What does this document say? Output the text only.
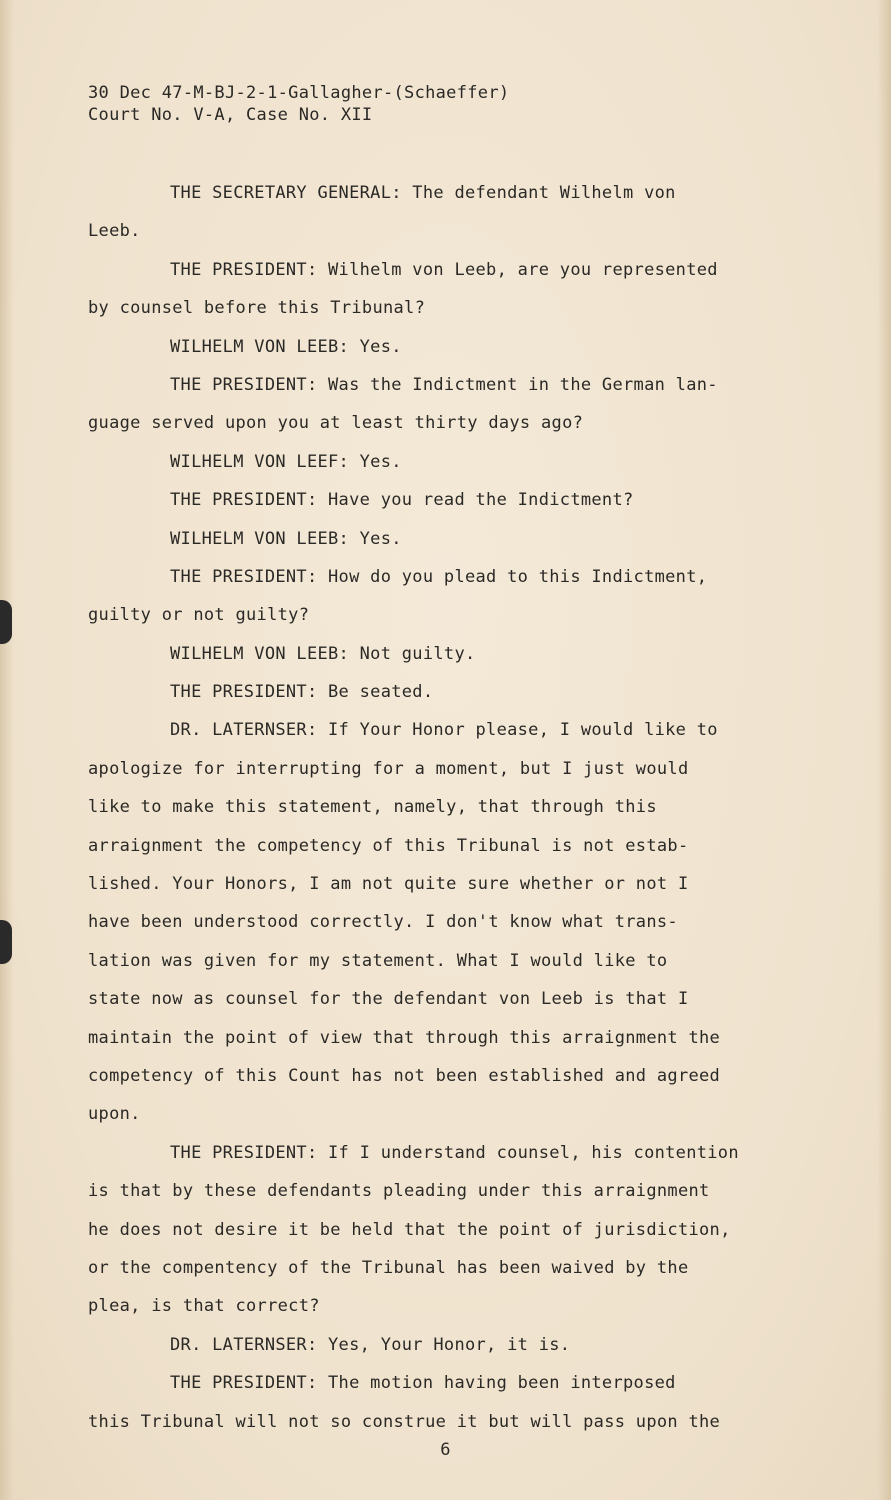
30 Dec 47-M-BJ-2-1-Gallagher-(Schaeffer)
Court No. V-A, Case No. XII
THE SECRETARY GENERAL: The defendant Wilhelm von
Leeb.
THE PRESIDENT: Wilhelm von Leeb, are you represented
by counsel before this Tribunal?
WILHELM VON LEEB: Yes.
THE PRESIDENT: Was the Indictment in the German lan-
guage served upon you at least thirty days ago?
WILHELM VON LEEF: Yes.
THE PRESIDENT: Have you read the Indictment?
WILHELM VON LEEB: Yes.
THE PRESIDENT: How do you plead to this Indictment,
guilty or not guilty?
WILHELM VON LEEB: Not guilty.
THE PRESIDENT: Be seated.
DR. LATERNSER: If Your Honor please, I would like to
apologize for interrupting for a moment, but I just would
like to make this statement, namely, that through this
arraignment the competency of this Tribunal is not estab-
lished. Your Honors, I am not quite sure whether or not I
have been understood correctly. I don't know what trans-
lation was given for my statement. What I would like to
state now as counsel for the defendant von Leeb is that I
maintain the point of view that through this arraignment the
competency of this Count has not been established and agreed
upon.
THE PRESIDENT: If I understand counsel, his contention
is that by these defendants pleading under this arraignment
he does not desire it be held that the point of jurisdiction,
or the compentency of the Tribunal has been waived by the
plea, is that correct?
DR. LATERNSER: Yes, Your Honor, it is.
THE PRESIDENT: The motion having been interposed
this Tribunal will not so construe it but will pass upon the
6
